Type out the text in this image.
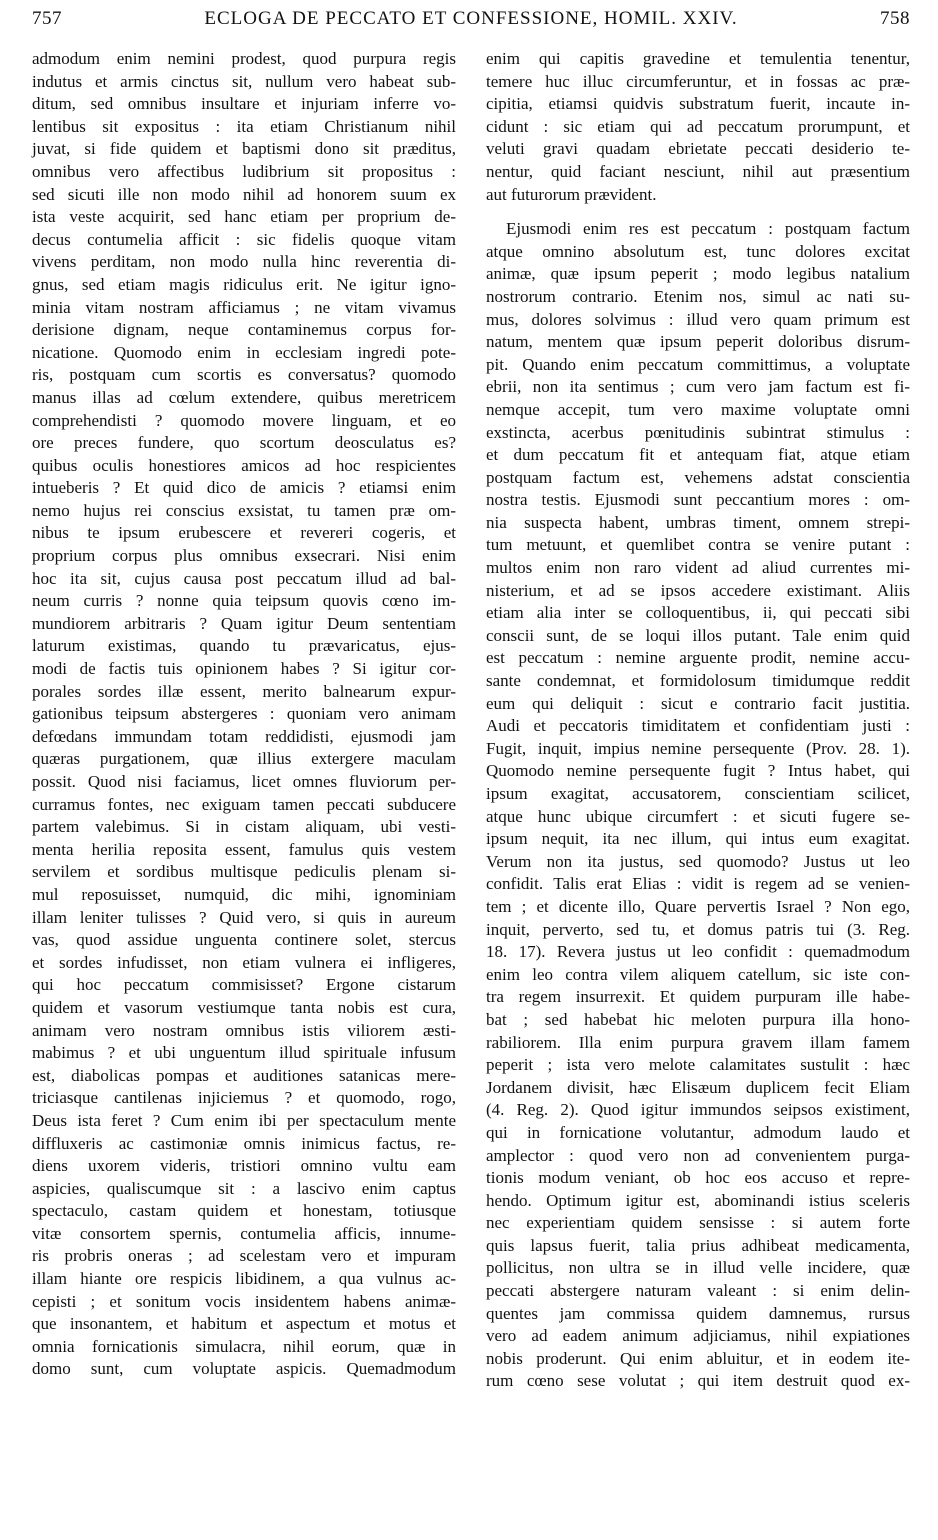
757	ECLOGA DE PECCATO ET CONFESSIONE, HOMIL. XXIV.	758
admodum enim nemini prodest, quod purpura regis
indutus et armis cinctus sit, nullum vero habeat sub-
ditum, sed omnibus insultare et injuriam inferre vo-
lentibus sit expositus : ita etiam Christianum nihil
juvat, si fide quidem et baptismi dono sit præditus,
omnibus vero affectibus ludibrium sit propositus :
sed sicuti ille non modo nihil ad honorem suum ex
ista veste acquirit, sed hanc etiam per proprium de-
decus contumelia afficit : sic fidelis quoque vitam
vivens perditam, non modo nulla hinc reverentia di-
gnus, sed etiam magis ridiculus erit. Ne igitur igno-
minia vitam nostram afficiamus ; ne vitam vivamus
derisione dignam, neque contaminemus corpus for-
nicatione. Quomodo enim in ecclesiam ingredi pote-
ris, postquam cum scortis es conversatus? quomodo
manus illas ad cœlum extendere, quibus meretricem
comprehendisti ? quomodo movere linguam, et eo
ore preces fundere, quo scortum deosculatus es?
quibus oculis honestiores amicos ad hoc respicientes
intueberis ? Et quid dico de amicis ? etiamsi enim
nemo hujus rei conscius exsistat, tu tamen præ om-
nibus te ipsum erubescere et revereri cogeris, et
proprium corpus plus omnibus exsecrari. Nisi enim
hoc ita sit, cujus causa post peccatum illud ad bal-
neum curris ? nonne quia teipsum quovis cœno im-
mundiorem arbitraris ? Quam igitur Deum sententiam
laturum existimas, quando tu prævaricatus, ejus-
modi de factis tuis opinionem habes ? Si igitur cor-
porales sordes illæ essent, merito balnearum expur-
gationibus teipsum abstergeres : quoniam vero animam
defœdans immundam totam reddidisti, ejusmodi jam
quæras purgationem, quæ illius extergere maculam
possit. Quod nisi faciamus, licet omnes fluviorum per-
curramus fontes, nec exiguam tamen peccati subducere
partem valebimus. Si in cistam aliquam, ubi vesti-
menta herilia reposita essent, famulus quis vestem
servilem et sordibus multisque pediculis plenam si-
mul reposuisset, numquid, dic mihi, ignominiam
illam leniter tulisses ? Quid vero, si quis in aureum
vas, quod assidue unguenta continere solet, stercus
et sordes infudisset, non etiam vulnera ei infligeres,
qui hoc peccatum commisisset? Ergone cistarum
quidem et vasorum vestiumque tanta nobis est cura,
animam vero nostram omnibus istis viliorem æsti-
mabimus ? et ubi unguentum illud spirituale infusum
est, diabolicas pompas et auditiones satanicas mere-
triciasque cantilenas injiciemus ? et quomodo, rogo,
Deus ista feret ? Cum enim ibi per spectaculum mente
diffluxeris ac castimoniæ omnis inimicus factus, re-
diens uxorem videris, tristiori omnino vultu eam
aspicies, qualiscumque sit : a lascivo enim captus
spectaculo, castam quidem et honestam, totiusque
vitæ consortem spernis, contumelia afficis, innume-
ris probris oneras ; ad scelestam vero et impuram
illam hiante ore respicis libidinem, a qua vulnus ac-
cepisti ; et sonitum vocis insidentem habens animæ-
que insonantem, et habitum et aspectum et motus et
omnia fornicationis simulacra, nihil eorum, quæ in
domo sunt, cum voluptate aspicis. Quemadmodum
enim qui capitis gravedine et temulentia tenentur,
temere huc illuc circumferuntur, et in fossas ac præ-
cipitia, etiamsi quidvis substratum fuerit, incaute in-
cidunt : sic etiam qui ad peccatum prorumpunt, et
veluti gravi quadam ebrietate peccati desiderio te-
nentur, quid faciant nesciunt, nihil aut præsentium
aut futurorum prævident.
Ejusmodi enim res est peccatum : postquam factum
atque omnino absolutum est, tunc dolores excitat
animæ, quæ ipsum peperit ; modo legibus natalium
nostrorum contrario. Etenim nos, simul ac nati su-
mus, dolores solvimus : illud vero quam primum est
natum, mentem quæ ipsum peperit doloribus disrum-
pit. Quando enim peccatum committimus, a voluptate
ebrii, non ita sentimus ; cum vero jam factum est fi-
nemque accepit, tum vero maxime voluptate omni
exstincta, acerbus pœnitudinis subintrat stimulus :
et dum peccatum fit et antequam fiat, atque etiam
postquam factum est, vehemens adstat conscientia
nostra testis. Ejusmodi sunt peccantium mores : om-
nia suspecta habent, umbras timent, omnem strepi-
tum metuunt, et quemlibet contra se venire putant :
multos enim non raro vident ad aliud currentes mi-
nisterium, et ad se ipsos accedere existimant. Aliis
etiam alia inter se colloquentibus, ii, qui peccati sibi
conscii sunt, de se loqui illos putant. Tale enim quid
est peccatum : nemine arguente prodit, nemine accu-
sante condemnat, et formidolosum timidumque reddit
eum qui deliquit : sicut e contrario facit justitia.
Audi et peccatoris timiditatem et confidentiam justi :
Fugit, inquit, impius nemine persequente (Prov. 28. 1).
Quomodo nemine persequente fugit ? Intus habet, qui
ipsum exagitat, accusatorem, conscientiam scilicet,
atque hunc ubique circumfert : et sicuti fugere se-
ipsum nequit, ita nec illum, qui intus eum exagitat.
Verum non ita justus, sed quomodo? Justus ut leo
confidit. Talis erat Elias : vidit is regem ad se venien-
tem ; et dicente illo, Quare pervertis Israel ? Non ego,
inquit, perverto, sed tu, et domus patris tui (3. Reg.
18. 17). Revera justus ut leo confidit : quemadmodum
enim leo contra vilem aliquem catellum, sic iste con-
tra regem insurrexit. Et quidem purpuram ille habe-
bat ; sed habebat hic meloten purpura illa hono-
rabiliorem. Illa enim purpura gravem illam famem
peperit ; ista vero melote calamitates sustulit : hæc
Jordanem divisit, hæc Elisæum duplicem fecit Eliam
(4. Reg. 2). Quod igitur immundos seipsos existiment,
qui in fornicatione volutantur, admodum laudo et
amplector : quod vero non ad convenientem purga-
tionis modum veniant, ob hoc eos accuso et repre-
hendo. Optimum igitur est, abominandi istius sceleris
nec experientiam quidem sensisse : si autem forte
quis lapsus fuerit, talia prius adhibeat medicamenta,
pollicitus, non ultra se in illud velle incidere, quæ
peccati abstergere naturam valeant : si enim delin-
quentes jam commissa quidem damnemus, rursus
vero ad eadem animum adjiciamus, nihil expiationes
nobis proderunt. Qui enim abluitur, et in eodem ite-
rum cœno sese volutat ; qui item destruit quod ex-
